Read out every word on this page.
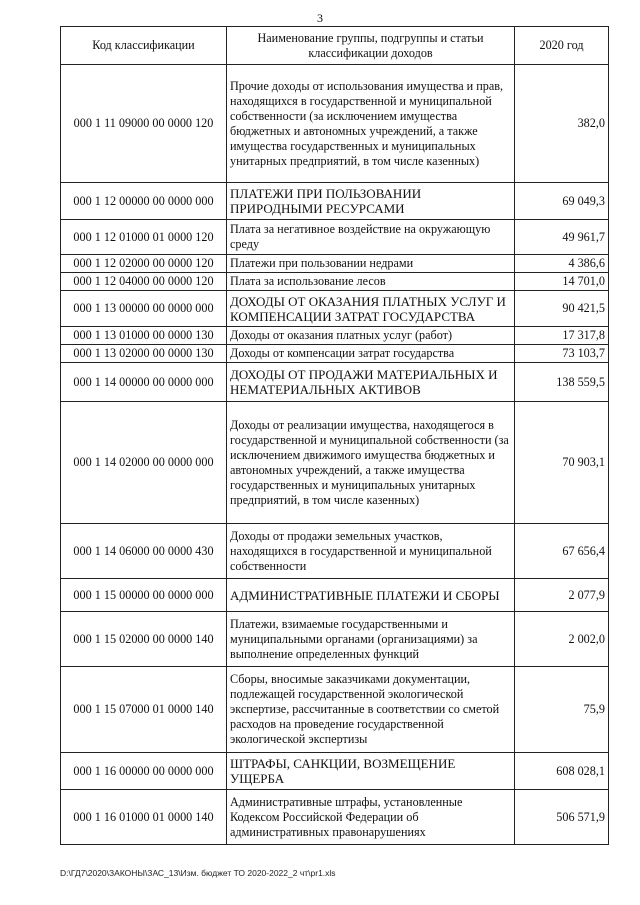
3
Код классификации	Наименование группы, подгруппы и статьи классификации доходов	2020 год
000 1 11 09000 00 0000 120	Прочие доходы от использования имущества и прав, находящихся в государственной и муниципальной собственности (за исключением имущества бюджетных и автономных учреждений, а также имущества государственных и муниципальных унитарных предприятий, в том числе казенных)	382,0
000 1 12 00000 00 0000 000	ПЛАТЕЖИ ПРИ ПОЛЬЗОВАНИИ ПРИРОДНЫМИ РЕСУРСАМИ	69 049,3
000 1 12 01000 01 0000 120	Плата за негативное воздействие на окружающую среду	49 961,7
000 1 12 02000 00 0000 120	Платежи при пользовании недрами	4 386,6
000 1 12 04000 00 0000 120	Плата за использование лесов	14 701,0
000 1 13 00000 00 0000 000	ДОХОДЫ ОТ ОКАЗАНИЯ ПЛАТНЫХ УСЛУГ И КОМПЕНСАЦИИ ЗАТРАТ ГОСУДАРСТВА	90 421,5
000 1 13 01000 00 0000 130	Доходы от оказания платных услуг (работ)	17 317,8
000 1 13 02000 00 0000 130	Доходы от компенсации затрат государства	73 103,7
000 1 14 00000 00 0000 000	ДОХОДЫ ОТ ПРОДАЖИ МАТЕРИАЛЬНЫХ И НЕМАТЕРИАЛЬНЫХ АКТИВОВ	138 559,5
000 1 14 02000 00 0000 000	Доходы от реализации имущества, находящегося в государственной и муниципальной собственности (за исключением движимого имущества бюджетных и автономных учреждений, а также имущества государственных и муниципальных унитарных предприятий, в том числе казенных)	70 903,1
000 1 14 06000 00 0000 430	Доходы от продажи земельных участков, находящихся в государственной и муниципальной собственности	67 656,4
000 1 15 00000 00 0000 000	АДМИНИСТРАТИВНЫЕ ПЛАТЕЖИ И СБОРЫ	2 077,9
000 1 15 02000 00 0000 140	Платежи, взимаемые государственными и муниципальными органами (организациями) за выполнение определенных функций	2 002,0
000 1 15 07000 01 0000 140	Сборы, вносимые заказчиками документации, подлежащей государственной экологической экспертизе, рассчитанные в соответствии со сметой расходов на проведение государственной экологической экспертизы	75,9
000 1 16 00000 00 0000 000	ШТРАФЫ, САНКЦИИ, ВОЗМЕЩЕНИЕ УЩЕРБА	608 028,1
000 1 16 01000 01 0000 140	Административные штрафы, установленные Кодексом Российской Федерации об административных правонарушениях	506 571,9
D:\ГД7\2020\ЗАКОНЫ\ЗАС_13\Изм. бюджет ТО 2020-2022_2 чт\pr1.xls
